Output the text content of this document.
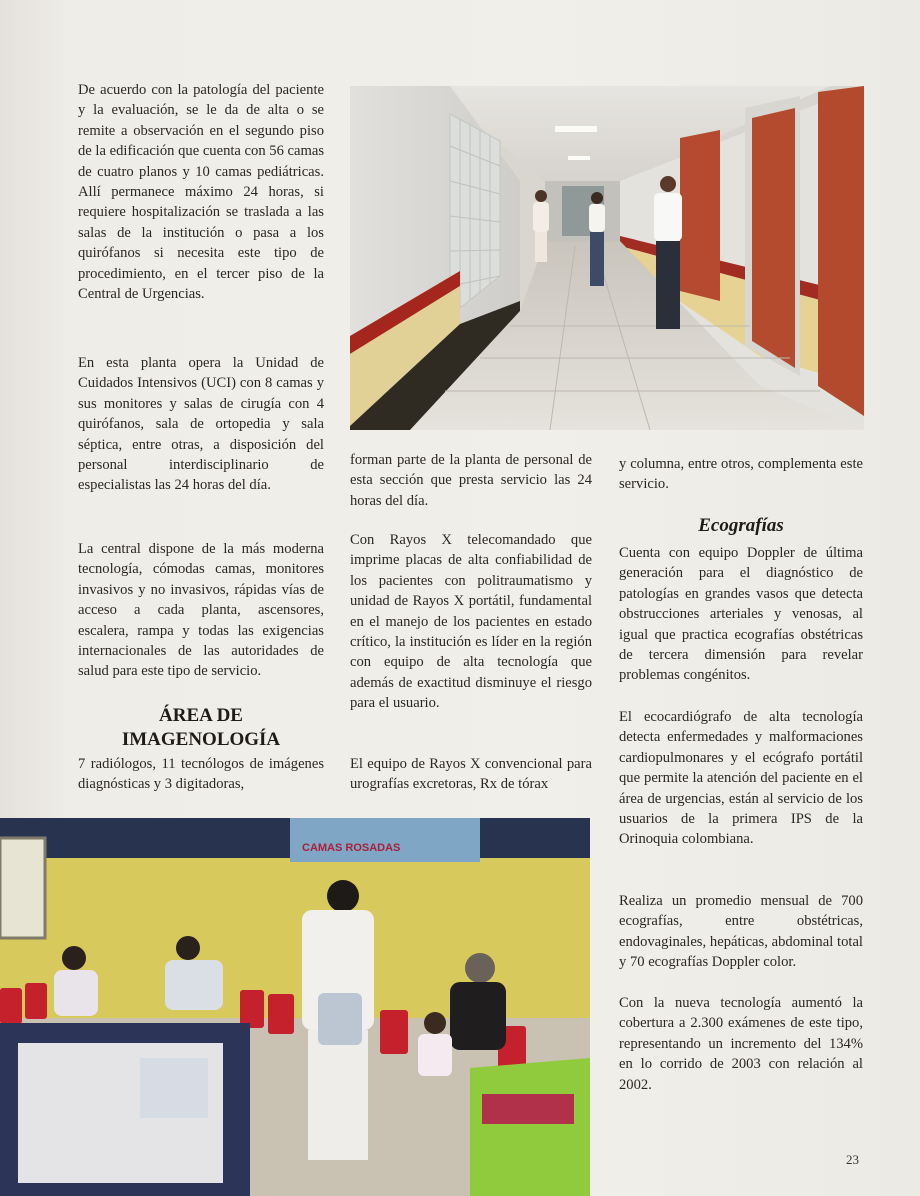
De acuerdo con la patología del paciente y la evaluación, se le da de alta o se remite a observación en el segundo piso de la edificación que cuenta con 56 camas de cuatro planos y 10 camas pediátricas. Allí permanece máximo 24 horas, si requiere hospitalización se traslada a las salas de la institución o pasa a los quirófanos si necesita este tipo de procedimiento, en el tercer piso de la Central de Urgencias.

En esta planta opera la Unidad de Cuidados Intensivos (UCI) con 8 camas y sus monitores y salas de cirugía con 4 quirófanos, sala de ortopedia y sala séptica, entre otras, a disposición del personal interdisciplinario de especialistas las 24 horas del día.

La central dispone de la más moderna tecnología, cómodas camas, monitores invasivos y no invasivos, rápidas vías de acceso a cada planta, ascensores, escalera, rampa y todas las exigencias internacionales de las autoridades de salud para este tipo de servicio.

ÁREA DE
IMAGENOLOGÍA

7 radiólogos, 11 tecnólogos de imágenes diagnósticas y 3 digitadoras,

forman parte de la planta de personal de esta sección que presta servicio las 24 horas del día.

Con Rayos X telecomandado que imprime placas de alta confiabilidad de los pacientes con politraumatismo y unidad de Rayos X portátil, fundamental en el manejo de los pacientes en estado crítico, la institución es líder en la región con equipo de alta tecnología que además de exactitud disminuye el riesgo para el usuario.

El equipo de Rayos X convencional para urografías excretoras, Rx de tórax

y columna, entre otros, complementa este servicio.

Ecografías

Cuenta con equipo Doppler de última generación para el diagnóstico de patologías en grandes vasos que detecta obstrucciones arteriales y venosas, al igual que practica ecografías obstétricas de tercera dimensión para revelar problemas congénitos.

El ecocardiógrafo de alta tecnología detecta enfermedades y malformaciones cardiopulmonares y el ecógrafo portátil que permite la atención del paciente en el área de urgencias, están al servicio de los usuarios de la primera IPS de la Orinoquia colombiana.

Realiza un promedio mensual de 700 ecografías, entre obstétricas, endovaginales, hepáticas, abdominal total y 70 ecografías Doppler color.

Con la nueva tecnología aumentó la cobertura a 2.300 exámenes de este tipo, representando un incremento del 134% en lo corrido de 2003 con relación al 2002.

CAMAS ROSADAS
23
